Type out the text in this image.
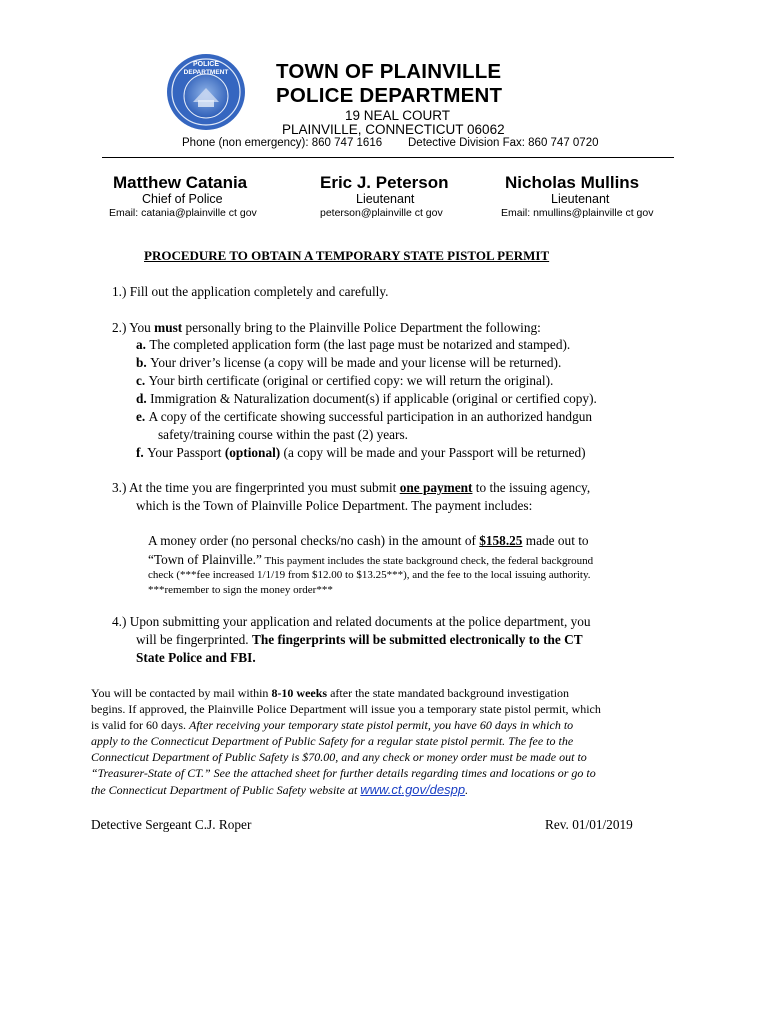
POLICE
DEPARTMENT TOWN OF PLAINVILLE
POLICE DEPARTMENT
19 NEAL COURT
PLAINVILLE, CONNECTICUT 06062
Phone (non emergency): 860 747 1616 Detective Division Fax: 860 747 0720
Matthew Catania
Chief of Police
Email: catania@plainville ct gov
Eric J. Peterson
Lieutenant
peterson@plainville ct gov
Nicholas Mullins
Lieutenant
Email: nmullins@plainville ct gov
PROCEDURE TO OBTAIN A TEMPORARY STATE PISTOL PERMIT
1.) Fill out the application completely and carefully.
2.) You must personally bring to the Plainville Police Department the following:
a. The completed application form (the last page must be notarized and stamped).
b. Your driver’s license (a copy will be made and your license will be returned).
c. Your birth certificate (original or certified copy: we will return the original).
d. Immigration & Naturalization document(s) if applicable (original or certified copy).
e. A copy of the certificate showing successful participation in an authorized handgun
safety/training course within the past (2) years.
f. Your Passport (optional) (a copy will be made and your Passport will be returned)
3.) At the time you are fingerprinted you must submit one payment to the issuing agency,
which is the Town of Plainville Police Department. The payment includes:
A money order (no personal checks/no cash) in the amount of $158.25 made out to
“Town of Plainville.” This payment includes the state background check, the federal background
check (***fee increased 1/1/19 from $12.00 to $13.25***), and the fee to the local issuing authority.
***remember to sign the money order***
4.) Upon submitting your application and related documents at the police department, you
will be fingerprinted. The fingerprints will be submitted electronically to the CT
State Police and FBI.
You will be contacted by mail within 8-10 weeks after the state mandated background investigation
begins. If approved, the Plainville Police Department will issue you a temporary state pistol permit, which
is valid for 60 days. After receiving your temporary state pistol permit, you have 60 days in which to
apply to the Connecticut Department of Public Safety for a regular state pistol permit. The fee to the
Connecticut Department of Public Safety is $70.00, and any check or money order must be made out to
“Treasurer-State of CT.” See the attached sheet for further details regarding times and locations or go to
the Connecticut Department of Public Safety website at www.ct.gov/despp.
Detective Sergeant C.J. Roper	Rev. 01/01/2019
